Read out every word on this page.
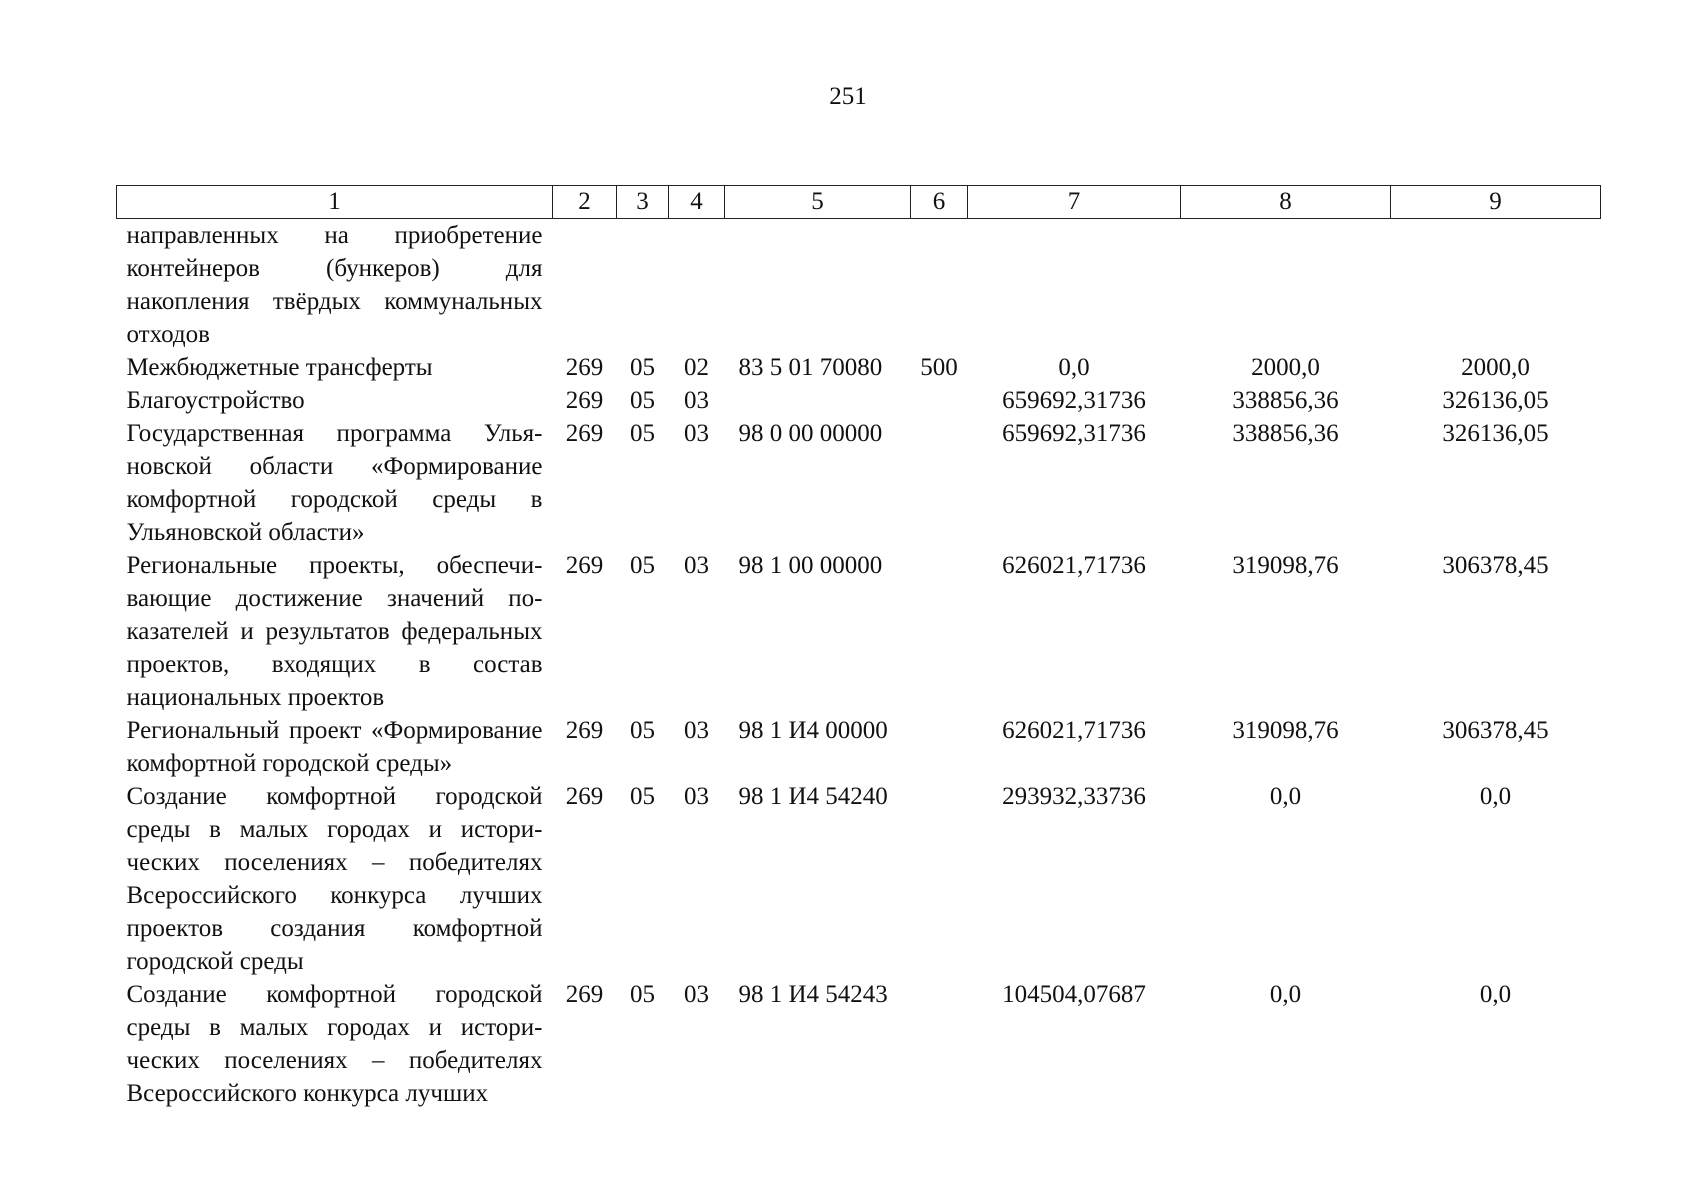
251
1	2	3	4	5	6	7	8	9
направленных на приобретение контейнеров (бункеров) для накопления твёрдых коммунальных отходов								
Межбюджетные трансферты	269	05	02	83 5 01 70080	500	0,0	2000,0	2000,0
Благоустройство	269	05	03			659692,31736	338856,36	326136,05
Государственная программа Ульяновской области «Формирование комфортной городской среды в Ульяновской области»	269	05	03	98 0 00 00000		659692,31736	338856,36	326136,05
Региональные проекты, обеспечивающие достижение значений показателей и результатов федеральных проектов, входящих в состав национальных проектов	269	05	03	98 1 00 00000		626021,71736	319098,76	306378,45
Региональный проект «Формирование комфортной городской среды»	269	05	03	98 1 И4 00000		626021,71736	319098,76	306378,45
Создание комфортной городской среды в малых городах и исторических поселениях – победителях Всероссийского конкурса лучших проектов создания комфортной городской среды	269	05	03	98 1 И4 54240		293932,33736	0,0	0,0
Создание комфортной городской среды в малых городах и исторических поселениях – победителях Всероссийского конкурса лучших	269	05	03	98 1 И4 54243		104504,07687	0,0	0,0
